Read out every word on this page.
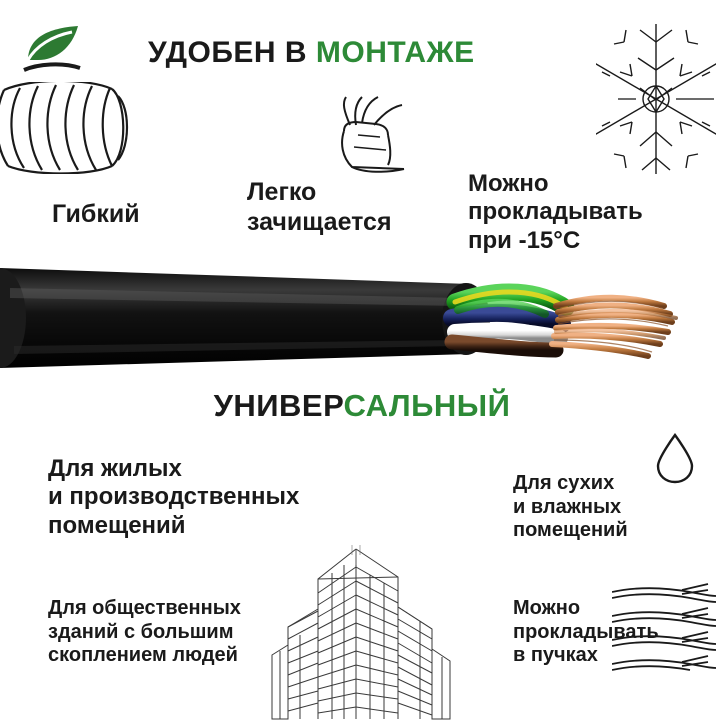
УДОБЕН В МОНТАЖЕ
Гибкий
Легко
зачищается
Можно
прокладывать
при -15°C
УНИВЕРСАЛЬНЫЙ
Для жилых
и производственных
помещений
Для сухих
и влажных
помещений
Для общественных
зданий с большим
скоплением людей
Можно
прокладывать
в пучках
